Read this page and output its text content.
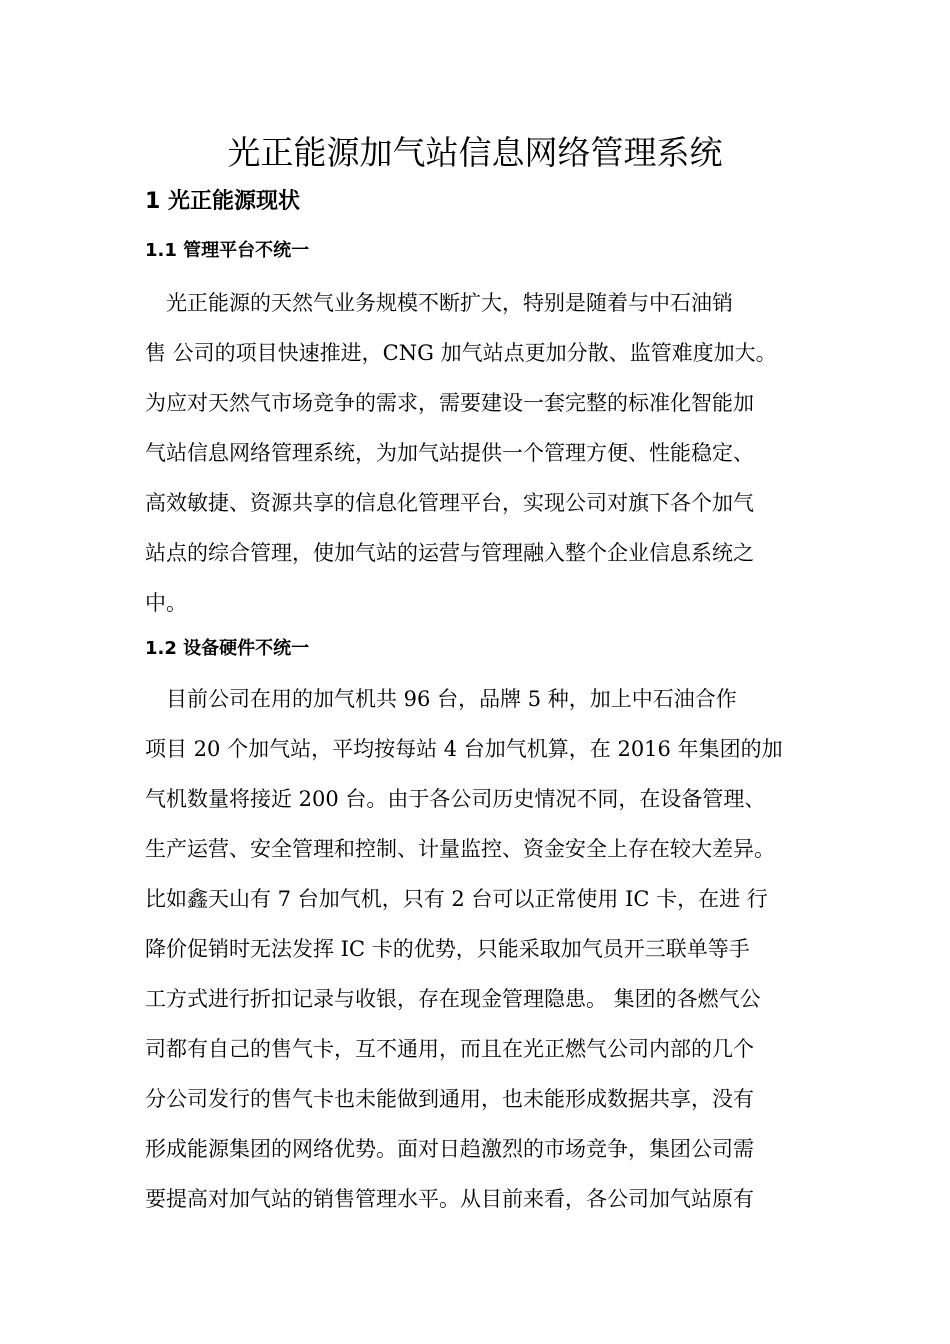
光正能源加气站信息网络管理系统
1 光正能源现状
1.1 管理平台不统一
　光正能源的天然气业务规模不断扩大，特别是随着与中石油销
售 公司的项目快速推进，CNG 加气站点更加分散、监管难度加大。
为应对天然气市场竞争的需求，需要建设一套完整的标准化智能加
气站信息网络管理系统，为加气站提供一个管理方便、性能稳定、
高效敏捷、资源共享的信息化管理平台，实现公司对旗下各个加气
站点的综合管理，使加气站的运营与管理融入整个企业信息系统之
中。
1.2 设备硬件不统一
　目前公司在用的加气机共 96 台，品牌 5 种，加上中石油合作
项目 20 个加气站，平均按每站 4 台加气机算，在 2016 年集团的加
气机数量将接近 200 台。由于各公司历史情况不同，在设备管理、
生产运营、安全管理和控制、计量监控、资金安全上存在较大差异。
比如鑫天山有 7 台加气机，只有 2 台可以正常使用 IC 卡，在进 行
降价促销时无法发挥 IC 卡的优势，只能采取加气员开三联单等手
工方式进行折扣记录与收银，存在现金管理隐患。 集团的各燃气公
司都有自己的售气卡，互不通用，而且在光正燃气公司内部的几个
分公司发行的售气卡也未能做到通用，也未能形成数据共享，没有
形成能源集团的网络优势。面对日趋激烈的市场竞争，集团公司需
要提高对加气站的销售管理水平。从目前来看，各公司加气站原有
